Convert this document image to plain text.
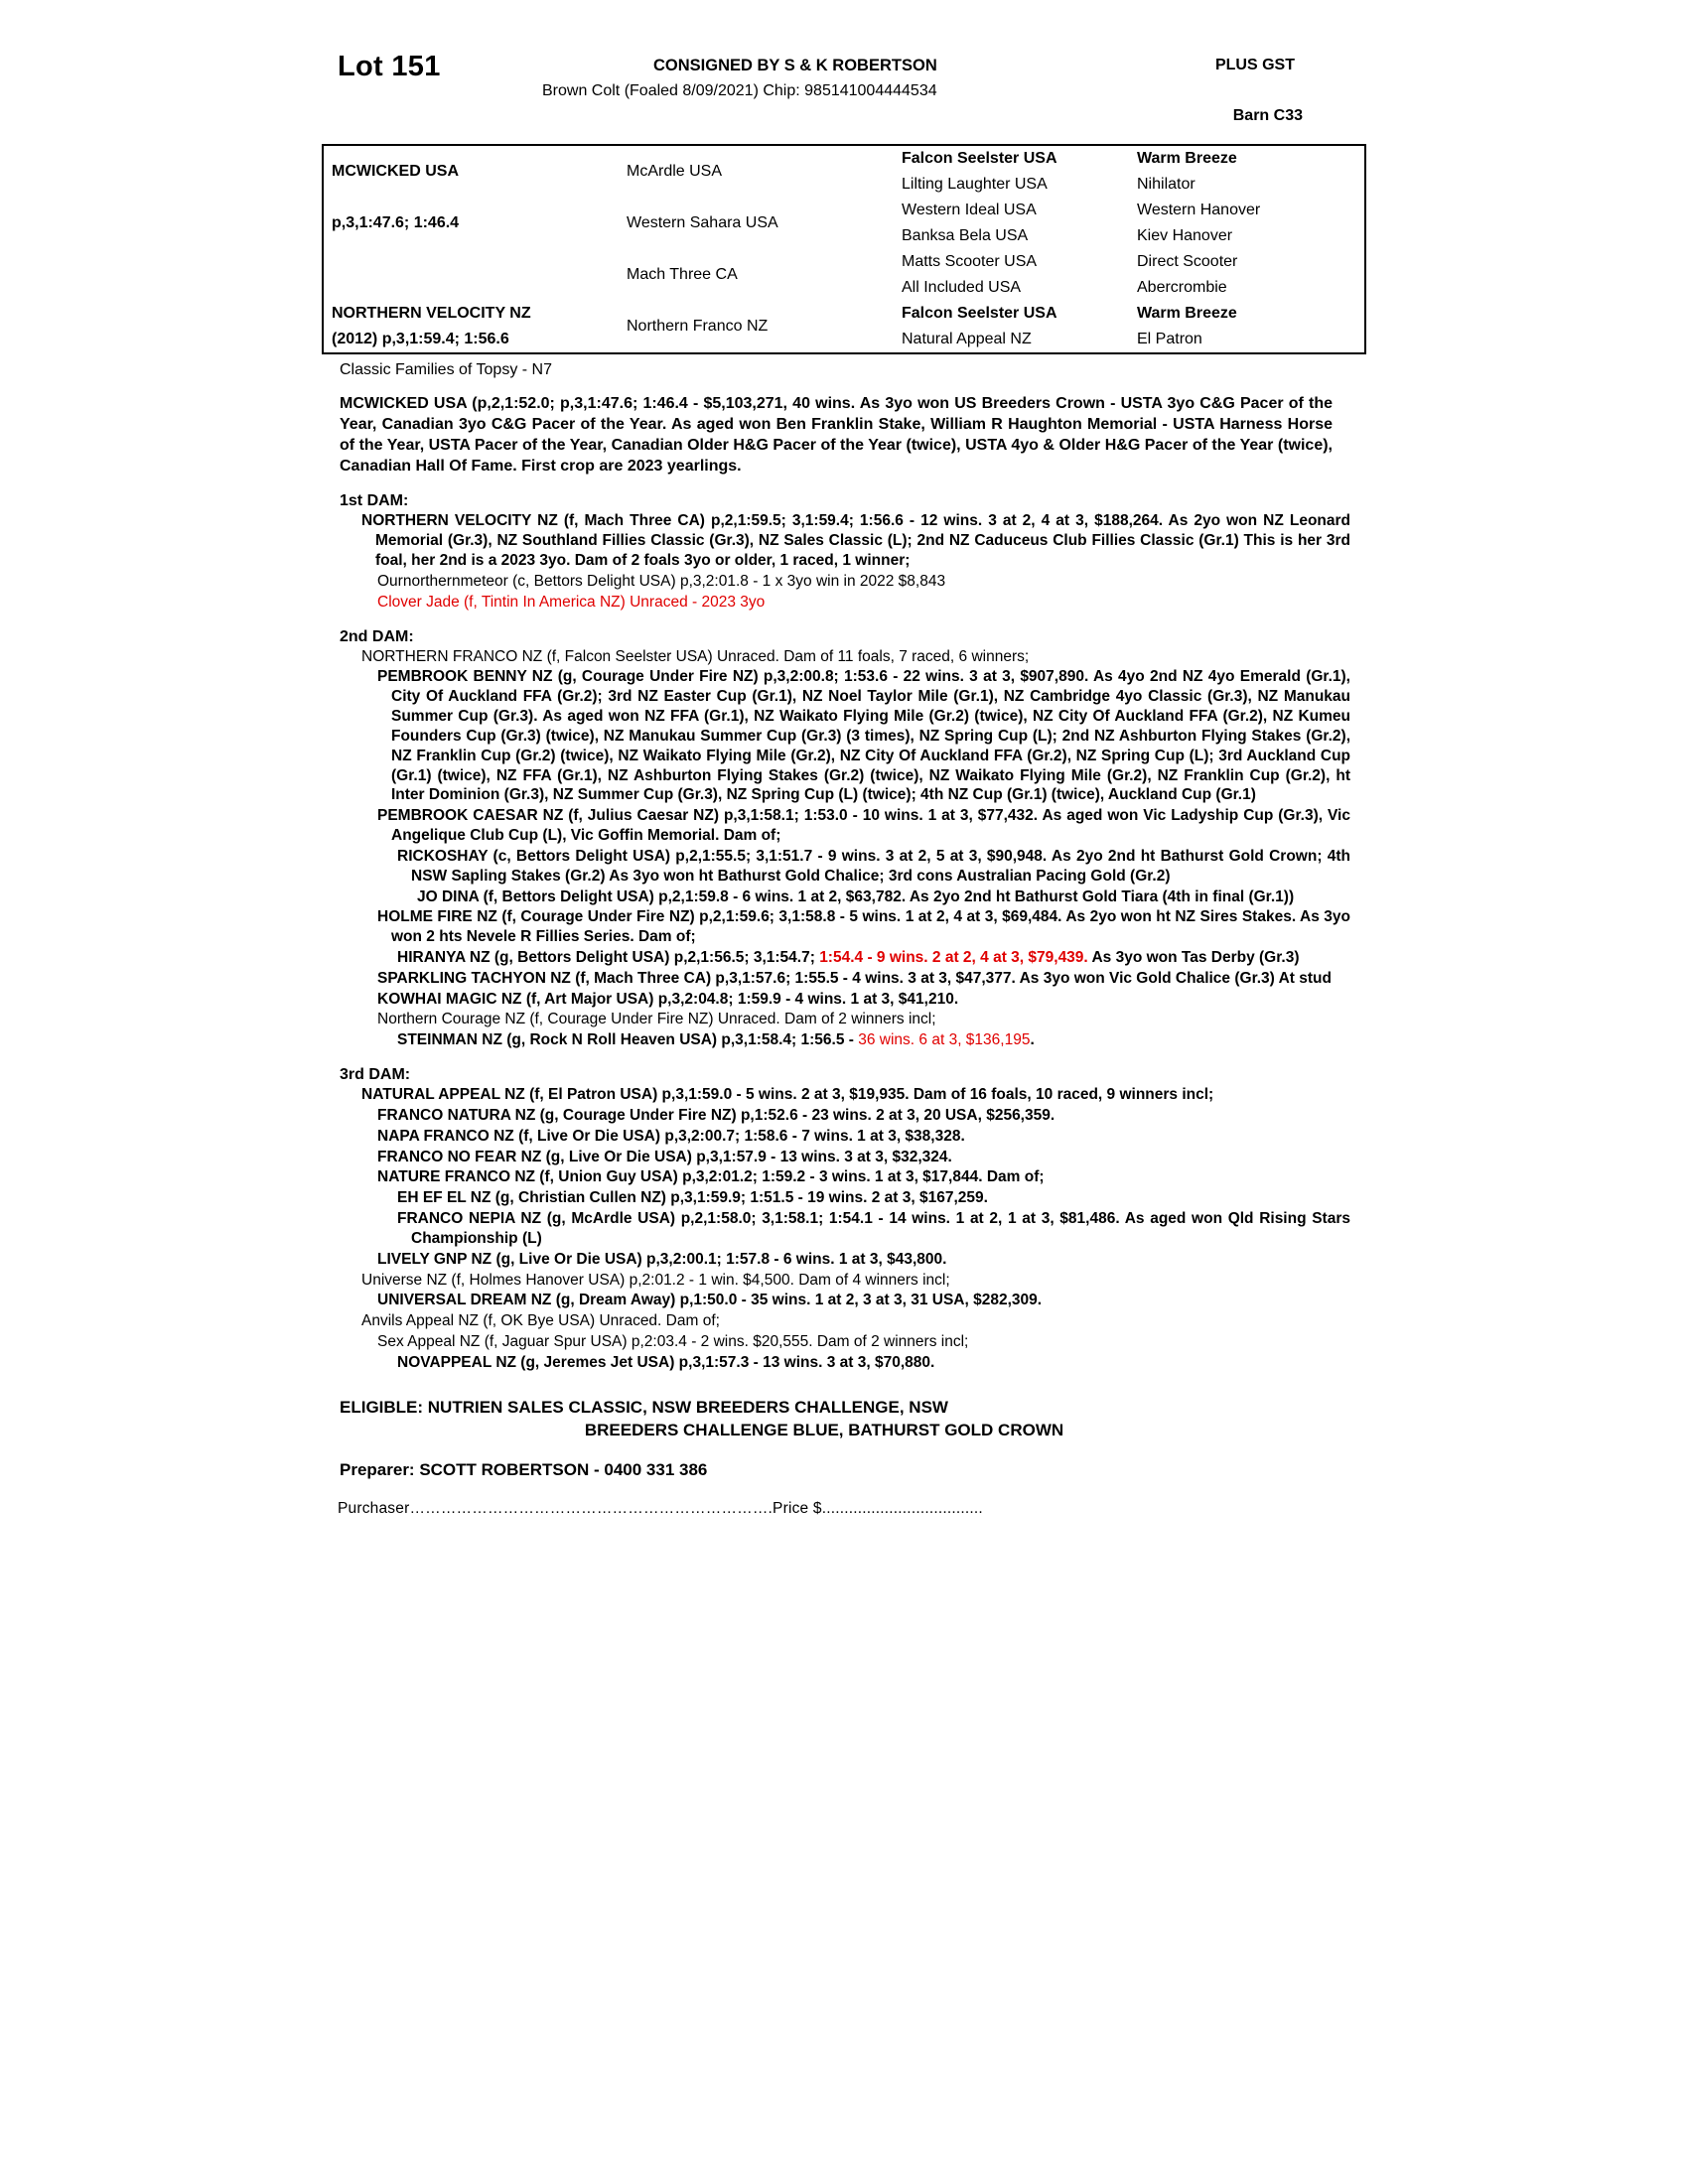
Lot 151	CONSIGNED BY S & K ROBERTSON	PLUS GST
Brown Colt (Foaled 8/09/2021) Chip: 985141004444534
Barn C33
MCWICKED USA	McArdle USA	Falcon Seelster USA	Warm Breeze
		Lilting Laughter USA	Nihilator
p,3,1:47.6; 1:46.4	Western Sahara USA	Western Ideal USA	Western Hanover
		Banksa Bela USA	Kiev Hanover
	Mach Three CA	Matts Scooter USA	Direct Scooter
		All Included USA	Abercrombie
NORTHERN VELOCITY NZ	Northern Franco NZ	Falcon Seelster USA	Warm Breeze
(2012) p,3,1:59.4; 1:56.6		Natural Appeal NZ	El Patron
Classic Families of Topsy - N7
MCWICKED USA (p,2,1:52.0; p,3,1:47.6; 1:46.4 - $5,103,271, 40 wins. As 3yo won US Breeders Crown - USTA 3yo C&G Pacer of the Year, Canadian 3yo C&G Pacer of the Year. As aged won Ben Franklin Stake, William R Haughton Memorial - USTA Harness Horse of the Year, USTA Pacer of the Year, Canadian Older H&G Pacer of the Year (twice), USTA 4yo & Older H&G Pacer of the Year (twice), Canadian Hall Of Fame. First crop are 2023 yearlings.
1st DAM:
NORTHERN VELOCITY NZ (f, Mach Three CA) p,2,1:59.5; 3,1:59.4; 1:56.6 - 12 wins. 3 at 2, 4 at 3, $188,264. As 2yo won NZ Leonard Memorial (Gr.3), NZ Southland Fillies Classic (Gr.3), NZ Sales Classic (L); 2nd NZ Caduceus Club Fillies Classic (Gr.1) This is her 3rd foal, her 2nd is a 2023 3yo. Dam of 2 foals 3yo or older, 1 raced, 1 winner;
Ournorthernmeteor (c, Bettors Delight USA) p,3,2:01.8 - 1 x 3yo win in 2022 $8,843
Clover Jade (f, Tintin In America NZ) Unraced - 2023 3yo
2nd DAM:
NORTHERN FRANCO NZ (f, Falcon Seelster USA) Unraced. Dam of 11 foals, 7 raced, 6 winners;
PEMBROOK BENNY NZ (g, Courage Under Fire NZ) p,3,2:00.8; 1:53.6 - 22 wins. 3 at 3, $907,890. As 4yo 2nd NZ 4yo Emerald (Gr.1), City Of Auckland FFA (Gr.2); 3rd NZ Easter Cup (Gr.1), NZ Noel Taylor Mile (Gr.1), NZ Cambridge 4yo Classic (Gr.3), NZ Manukau Summer Cup (Gr.3). As aged won NZ FFA (Gr.1), NZ Waikato Flying Mile (Gr.2) (twice), NZ City Of Auckland FFA (Gr.2), NZ Kumeu Founders Cup (Gr.3) (twice), NZ Manukau Summer Cup (Gr.3) (3 times), NZ Spring Cup (L); 2nd NZ Ashburton Flying Stakes (Gr.2), NZ Franklin Cup (Gr.2) (twice), NZ Waikato Flying Mile (Gr.2), NZ City Of Auckland FFA (Gr.2), NZ Spring Cup (L); 3rd Auckland Cup (Gr.1) (twice), NZ FFA (Gr.1), NZ Ashburton Flying Stakes (Gr.2) (twice), NZ Waikato Flying Mile (Gr.2), NZ Franklin Cup (Gr.2), ht Inter Dominion (Gr.3), NZ Summer Cup (Gr.3), NZ Spring Cup (L) (twice); 4th NZ Cup (Gr.1) (twice), Auckland Cup (Gr.1)
PEMBROOK CAESAR NZ (f, Julius Caesar NZ) p,3,1:58.1; 1:53.0 - 10 wins. 1 at 3, $77,432. As aged won Vic Ladyship Cup (Gr.3), Vic Angelique Club Cup (L), Vic Goffin Memorial. Dam of;
RICKOSHAY (c, Bettors Delight USA) p,2,1:55.5; 3,1:51.7 - 9 wins. 3 at 2, 5 at 3, $90,948. As 2yo 2nd ht Bathurst Gold Crown; 4th NSW Sapling Stakes (Gr.2) As 3yo won ht Bathurst Gold Chalice; 3rd cons Australian Pacing Gold (Gr.2)
JO DINA (f, Bettors Delight USA) p,2,1:59.8 - 6 wins. 1 at 2, $63,782. As 2yo 2nd ht Bathurst Gold Tiara (4th in final (Gr.1))
HOLME FIRE NZ (f, Courage Under Fire NZ) p,2,1:59.6; 3,1:58.8 - 5 wins. 1 at 2, 4 at 3, $69,484. As 2yo won ht NZ Sires Stakes. As 3yo won 2 hts Nevele R Fillies Series. Dam of;
HIRANYA NZ (g, Bettors Delight USA) p,2,1:56.5; 3,1:54.7; 1:54.4 - 9 wins. 2 at 2, 4 at 3, $79,439. As 3yo won Tas Derby (Gr.3)
SPARKLING TACHYON NZ (f, Mach Three CA) p,3,1:57.6; 1:55.5 - 4 wins. 3 at 3, $47,377. As 3yo won Vic Gold Chalice (Gr.3) At stud
KOWHAI MAGIC NZ (f, Art Major USA) p,3,2:04.8; 1:59.9 - 4 wins. 1 at 3, $41,210.
Northern Courage NZ (f, Courage Under Fire NZ) Unraced. Dam of 2 winners incl;
STEINMAN NZ (g, Rock N Roll Heaven USA) p,3,1:58.4; 1:56.5 - 36 wins. 6 at 3, $136,195.
3rd DAM:
NATURAL APPEAL NZ (f, El Patron USA) p,3,1:59.0 - 5 wins. 2 at 3, $19,935. Dam of 16 foals, 10 raced, 9 winners incl;
FRANCO NATURA NZ (g, Courage Under Fire NZ) p,1:52.6 - 23 wins. 2 at 3, 20 USA, $256,359.
NAPA FRANCO NZ (f, Live Or Die USA) p,3,2:00.7; 1:58.6 - 7 wins. 1 at 3, $38,328.
FRANCO NO FEAR NZ (g, Live Or Die USA) p,3,1:57.9 - 13 wins. 3 at 3, $32,324.
NATURE FRANCO NZ (f, Union Guy USA) p,3,2:01.2; 1:59.2 - 3 wins. 1 at 3, $17,844. Dam of;
EH EF EL NZ (g, Christian Cullen NZ) p,3,1:59.9; 1:51.5 - 19 wins. 2 at 3, $167,259.
FRANCO NEPIA NZ (g, McArdle USA) p,2,1:58.0; 3,1:58.1; 1:54.1 - 14 wins. 1 at 2, 1 at 3, $81,486. As aged won Qld Rising Stars Championship (L)
LIVELY GNP NZ (g, Live Or Die USA) p,3,2:00.1; 1:57.8 - 6 wins. 1 at 3, $43,800.
Universe NZ (f, Holmes Hanover USA) p,2:01.2 - 1 win. $4,500. Dam of 4 winners incl;
UNIVERSAL DREAM NZ (g, Dream Away) p,1:50.0 - 35 wins. 1 at 2, 3 at 3, 31 USA, $282,309.
Anvils Appeal NZ (f, OK Bye USA) Unraced. Dam of;
Sex Appeal NZ (f, Jaguar Spur USA) p,2:03.4 - 2 wins. $20,555. Dam of 2 winners incl;
NOVAPPEAL NZ (g, Jeremes Jet USA) p,3,1:57.3 - 13 wins. 3 at 3, $70,880.
ELIGIBLE: NUTRIEN SALES CLASSIC, NSW BREEDERS CHALLENGE, NSW
BREEDERS CHALLENGE BLUE, BATHURST GOLD CROWN
Preparer: SCOTT ROBERTSON - 0400 331 386
Purchaser…………………………………………………………….Price $....................................
